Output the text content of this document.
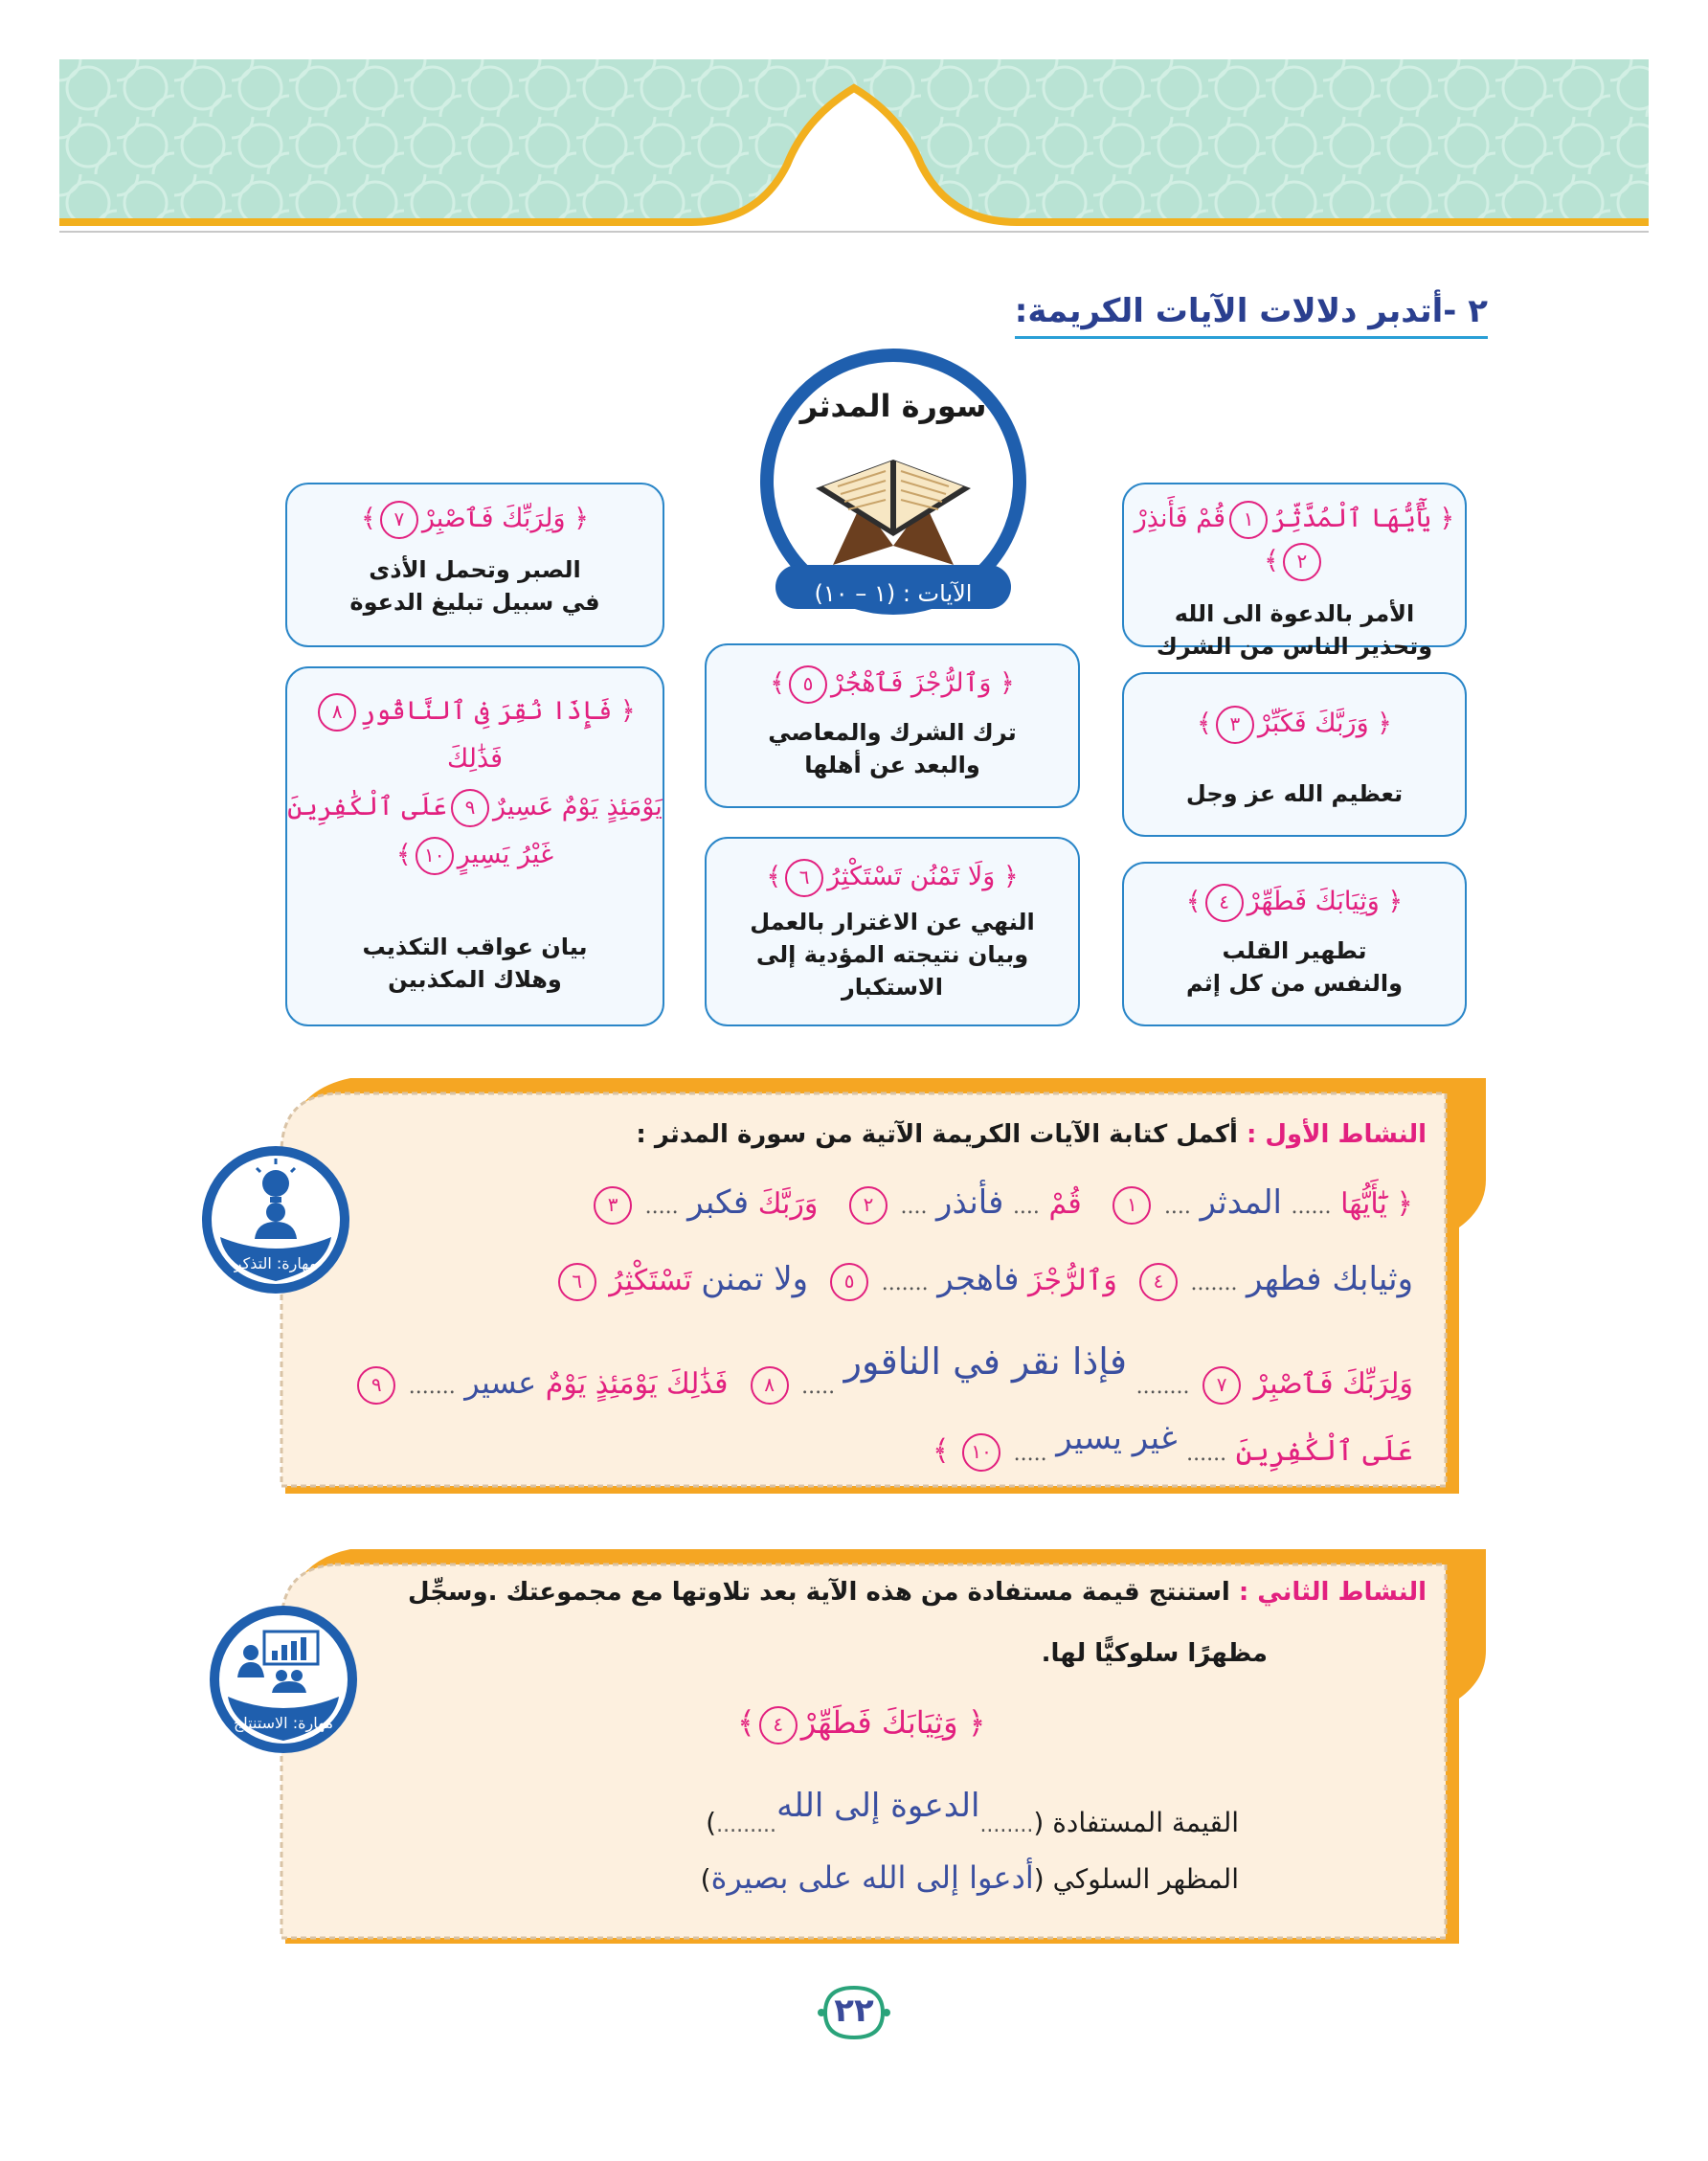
٢ -أتدبر دلالات الآيات الكريمة:
سورة المدثر
الآيات : (١ – ١٠)
﴿ يَٰٓأَيُّهَا ٱلْمُدَّثِّرُ١قُمْ فَأَنذِرْ٢﴾
الأمر بالدعوة الى الله
وتحذير الناس من الشرك
﴿ وَرَبَّكَ فَكَبِّرْ٣﴾
تعظيم الله عز وجل
﴿ وَثِيَابَكَ فَطَهِّرْ٤﴾
تطهير القلب
والنفس من كل إثم
﴿ وَٱلرُّجْزَ فَٱهْجُرْ٥﴾
ترك الشرك والمعاصي
والبعد عن أهلها
﴿ وَلَا تَمْنُن تَسْتَكْثِرُ٦﴾
النهي عن الاغترار بالعمل
وبيان نتيجته المؤدية إلى
الاستكبار
﴿ وَلِرَبِّكَ فَٱصْبِرْ٧﴾
الصبر وتحمل الأذى
في سبيل تبليغ الدعوة
﴿ فَإِذَا نُقِرَ فِى ٱلنَّاقُورِ٨فَذَٰلِكَ
يَوْمَئِذٍ يَوْمٌ عَسِيرٌ٩عَلَى ٱلْكَٰفِرِينَ
غَيْرُ يَسِيرٍ١٠﴾
بيان عواقب التكذيب
وهلاك المكذبين
النشاط الأول : أكمل كتابة الآيات الكريمة الآتية من سورة المدثر :
مهارة: التذكر
﴿ يَٰٓأَيُّهَا ...... المدثر .... ١   قُمْ .... فأنذر .... ٢   وَرَبَّكَ فكبر ..... ٣
وثيابك فطهر ....... ٤  وَٱلرُّجْزَ فاهجر ....... ٥  ولا تمنن تَسْتَكْثِرُ ٦
وَلِرَبِّكَ فَٱصْبِرْ ٧ ........ فإذا نقر في الناقور ..... ٨  فَذَٰلِكَ يَوْمَئِذٍ يَوْمٌ عسير ....... ٩
عَلَى ٱلْكَٰفِرِينَ ...... غير يسير ..... ١٠ ﴾
النشاط الثاني : استنتج قيمة مستفادة من هذه الآية بعد تلاوتها مع مجموعتك .وسجِّل
مظهرًا سلوكيًّا لها.
مهارة: الاستنتاج	﴿ وَثِيَابَكَ فَطَهِّرْ٤﴾
القيمة المستفادة (........الدعوة إلى الله.........)
المظهر السلوكي (أدعوا إلى الله على بصيرة)
٢٢
